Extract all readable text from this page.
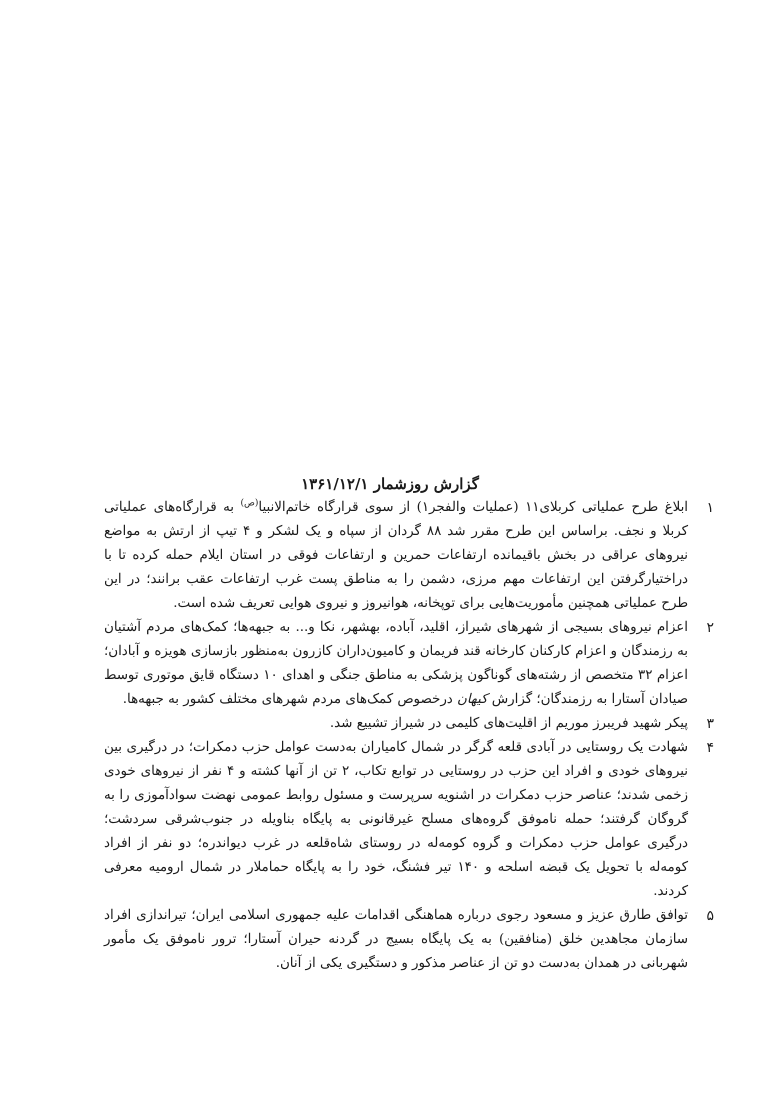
گزارش روزشمار ۱۳۶۱/۱۲/۱
۱

ابلاغ طرح عملیاتی کربلای۱۱ (عملیات والفجر۱) از سوی قرارگاه خاتم‌الانبیا$^{(ص)}$ به قرارگاه‌های عملیاتی کربلا و نجف. براساس این طرح مقرر شد ۸۸ گردان از سپاه و یک لشکر و ۴ تیپ از ارتش به مواضع نیروهای عراقی در بخش باقیمانده ارتفاعات حمرین و ارتفاعات فوقی در استان ایلام حمله کرده تا با دراختیارگرفتن این ارتفاعات مهم مرزی، دشمن را به مناطق پست غرب ارتفاعات عقب برانند؛ در این طرح عملیاتی همچنین مأموریت‌هایی برای توپخانه، هوانیروز و نیروی هوایی تعریف شده است.

۲

اعزام نیروهای بسیجی از شهرهای شیراز، اقلید، آباده، بهشهر، نکا و... به جبهه‌ها؛ کمک‌های مردم آشتیان به رزمندگان و اعزام کارکنان کارخانه قند فریمان و کامیون‌داران کازرون به‌منظور بازسازی هویزه و آبادان؛ اعزام ۳۲ متخصص از رشته‌های گوناگون پزشکی به مناطق جنگی و اهدای ۱۰ دستگاه قایق موتوری توسط صیادان آستارا به رزمندگان؛ گزارش کیهان درخصوص کمک‌های مردم شهرهای مختلف کشور به جبهه‌ها.

۳

پیکر شهید فریبرز موریم از اقلیت‌های کلیمی در شیراز تشییع شد.

۴

شهادت یک روستایی در آبادی قلعه گرگر در شمال کامیاران به‌دست عوامل حزب دمکرات؛ در درگیری بین نیروهای خودی و افراد این حزب در روستایی در توابع تکاب، ۲ تن از آنها کشته و ۴ نفر از نیروهای خودی زخمی شدند؛ عناصر حزب دمکرات در اشنویه سرپرست و مسئول روابط عمومی نهضت سوادآموزی را به گروگان گرفتند؛ حمله ناموفق گروه‌های مسلح غیرقانونی به پایگاه بناویله در جنوب‌شرقی سردشت؛ درگیری عوامل حزب دمکرات و گروه کومه‌له در روستای شاه‌قلعه در غرب دیواندره؛ دو نفر از افراد کومه‌له با تحویل یک قبضه اسلحه و ۱۴۰ تیر فشنگ، خود را به پایگاه حماملار در شمال ارومیه معرفی کردند.

۵

توافق طارق عزیز و مسعود رجوی درباره هماهنگی اقدامات علیه جمهوری اسلامی ایران؛ تیراندازی افراد سازمان مجاهدین خلق (منافقین) به یک پایگاه بسیج در گردنه حیران آستارا؛ ترور ناموفق یک مأمور شهربانی در همدان به‌دست دو تن از عناصر مذکور و دستگیری یکی از آنان.
